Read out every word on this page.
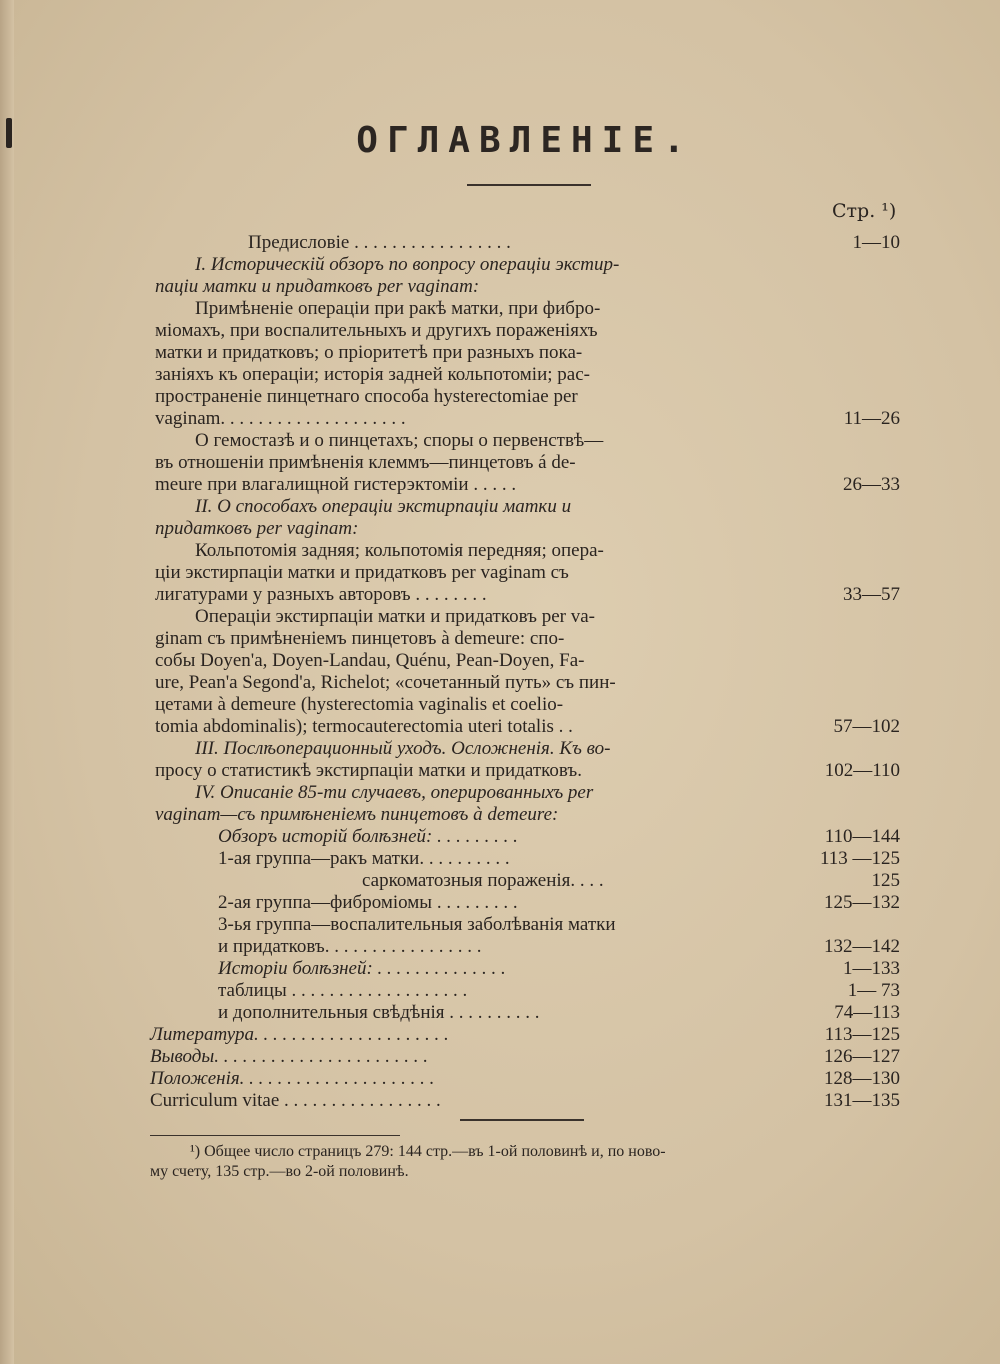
ОГЛАВЛЕНІЕ.
Стр. ¹)
Предисловіе . . . . . . . . . . . . . . . . .	1—10
I. Историческій обзоръ по вопросу операціи экстир-
паціи матки и придатковъ per vaginam:
Примѣненіе операціи при ракѣ матки, при фибро-
міомахъ, при воспалительныхъ и другихъ пораженіяхъ
матки и придатковъ; о пріоритетѣ при разныхъ пока-
заніяхъ къ операціи; исторія задней кольпотоміи; рас-
пространеніе пинцетнаго способа hysterectomiae per
vaginam. . . . . . . . . . . . . . . . . . . .	11—26
О гемостазѣ и о пинцетахъ; споры о первенствѣ—
въ отношеніи примѣненія клеммъ—пинцетовъ á de-
meure при влагалищной гистерэктоміи . . . . .	26—33
II. О способахъ операціи экстирпаціи матки и
придатковъ per vaginam:
Кольпотомія задняя; кольпотомія передняя; опера-
ціи экстирпаціи матки и придатковъ per vaginam съ
лигатурами у разныхъ авторовъ . . . . . . . .	33—57
Операціи экстирпаціи матки и придатковъ per va-
ginam съ примѣненіемъ пинцетовъ à demeure: спо-
собы Doyen'a, Doyen-Landau, Quénu, Pean-Doyen, Fa-
ure, Pean'a Segond'a, Richelot; «сочетанный путь» съ пин-
цетами à demeure (hysterectomia vaginalis et coelio-
tomia abdominalis); termocauterectomia uteri totalis . .	57—102
III. Послѣоперационный уходъ. Осложненія. Къ во-
просу о статистикѣ экстирпаціи матки и придатковъ.	102—110
IV. Описаніе 85-ти случаевъ, оперированныхъ per
vaginam—съ примѣненіемъ пинцетовъ à demeure:
Обзоръ исторій болѣзней: . . . . . . . . .	110—144
1-ая группа—ракъ матки. . . . . . . . . .	113 —125
саркоматозныя пораженія. . . .	125
2-ая группа—фиброміомы . . . . . . . . .	125—132
3-ья группа—воспалительныя заболѣванія матки
и придатковъ. . . . . . . . . . . . . . . . .	132—142
Исторіи болѣзней: . . . . . . . . . . . . . .	1—133
таблицы . . . . . . . . . . . . . . . . . . .	1— 73
и дополнительныя свѣдѣнія . . . . . . . . . .	74—113
Литература. . . . . . . . . . . . . . . . . . . . .	113—125
Выводы. . . . . . . . . . . . . . . . . . . . . . .	126—127
Положенія. . . . . . . . . . . . . . . . . . . . .	128—130
Curriculum vitae . . . . . . . . . . . . . . . . .	131—135
¹) Общее число страницъ 279: 144 стр.—въ 1-ой половинѣ и, по ново-
му счету, 135 стр.—во 2-ой половинѣ.
